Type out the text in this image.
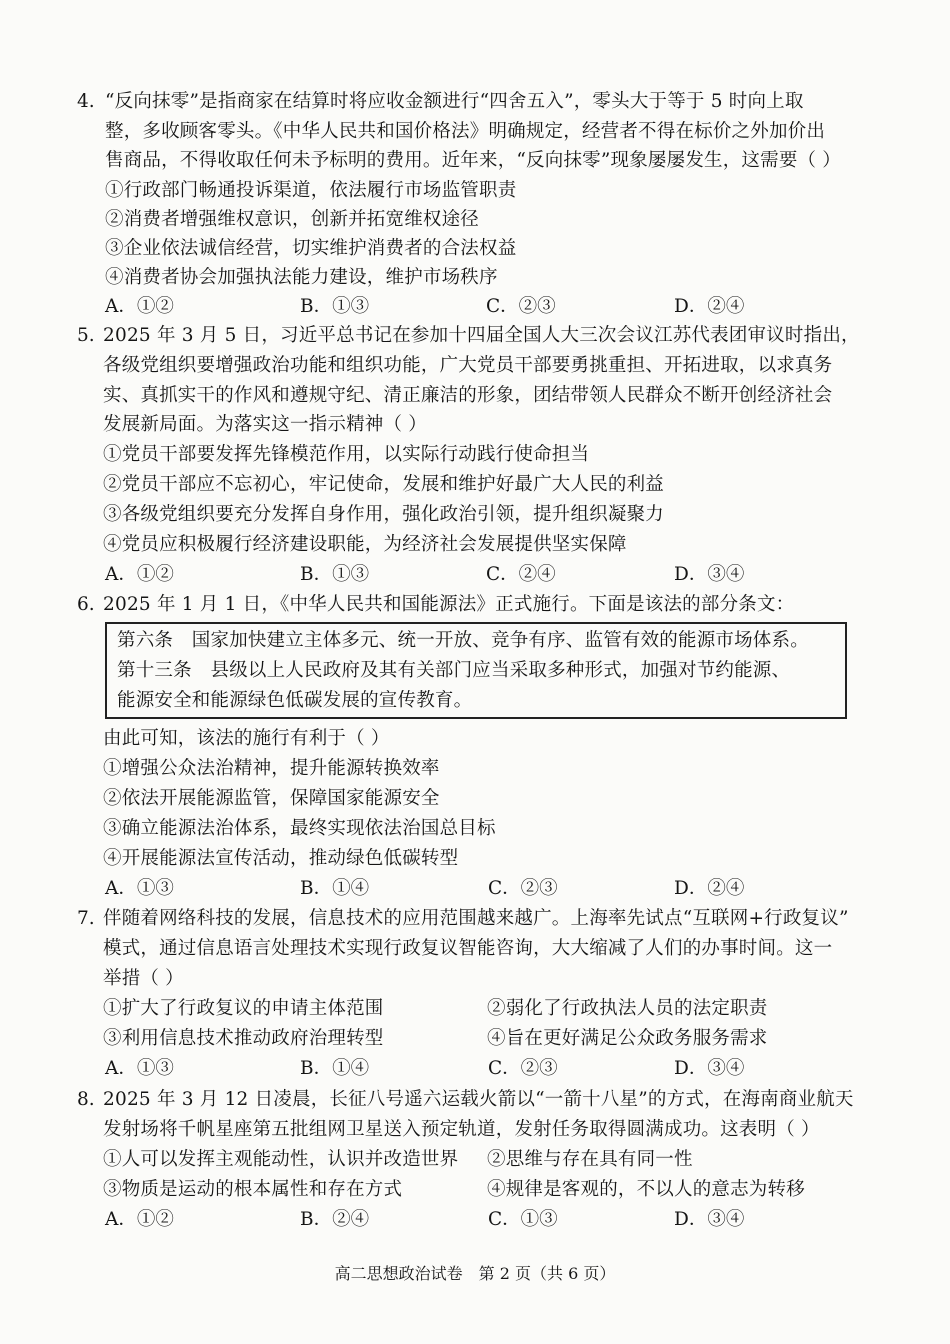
4. “反向抹零”是指商家在结算时将应收金额进行“四舍五入”，零头大于等于 5 时向上取
整，多收顾客零头。《中华人民共和国价格法》明确规定，经营者不得在标价之外加价出
售商品，不得收取任何未予标明的费用。近年来，“反向抹零”现象屡屡发生，这需要（ ）
①行政部门畅通投诉渠道，依法履行市场监管职责
②消费者增强维权意识，创新并拓宽维权途径
③企业依法诚信经营，切实维护消费者的合法权益
④消费者协会加强执法能力建设，维护市场秩序
A．①②	B．①③	C．②③	D．②④
5. 2025 年 3 月 5 日，习近平总书记在参加十四届全国人大三次会议江苏代表团审议时指出，
各级党组织要增强政治功能和组织功能，广大党员干部要勇挑重担、开拓进取，以求真务
实、真抓实干的作风和遵规守纪、清正廉洁的形象，团结带领人民群众不断开创经济社会
发展新局面。为落实这一指示精神（ ）
①党员干部要发挥先锋模范作用，以实际行动践行使命担当
②党员干部应不忘初心，牢记使命，发展和维护好最广大人民的利益
③各级党组织要充分发挥自身作用，强化政治引领，提升组织凝聚力
④党员应积极履行经济建设职能，为经济社会发展提供坚实保障
A．①②	B．①③	C．②④	D．③④
6. 2025 年 1 月 1 日，《中华人民共和国能源法》正式施行。下面是该法的部分条文：
第六条　国家加快建立主体多元、统一开放、竞争有序、监管有效的能源市场体系。
第十三条　县级以上人民政府及其有关部门应当采取多种形式，加强对节约能源、
能源安全和能源绿色低碳发展的宣传教育。
由此可知，该法的施行有利于（ ）
①增强公众法治精神，提升能源转换效率
②依法开展能源监管，保障国家能源安全
③确立能源法治体系，最终实现依法治国总目标
④开展能源法宣传活动，推动绿色低碳转型
A．①③	B．①④	C．②③	D．②④
7. 伴随着网络科技的发展，信息技术的应用范围越来越广。上海率先试点“互联网+行政复议”
模式，通过信息语言处理技术实现行政复议智能咨询，大大缩减了人们的办事时间。这一
举措（ ）
①扩大了行政复议的申请主体范围	②弱化了行政执法人员的法定职责
③利用信息技术推动政府治理转型	④旨在更好满足公众政务服务需求
A．①③	B．①④	C．②③	D．③④
8. 2025 年 3 月 12 日凌晨，长征八号遥六运载火箭以“一箭十八星”的方式，在海南商业航天
发射场将千帆星座第五批组网卫星送入预定轨道，发射任务取得圆满成功。这表明（ ）
①人可以发挥主观能动性，认识并改造世界 ②思维与存在具有同一性
③物质是运动的根本属性和存在方式	④规律是客观的，不以人的意志为转移
A．①②	B．②④	C．①③	D．③④
高二思想政治试卷　第 2 页（共 6 页）
